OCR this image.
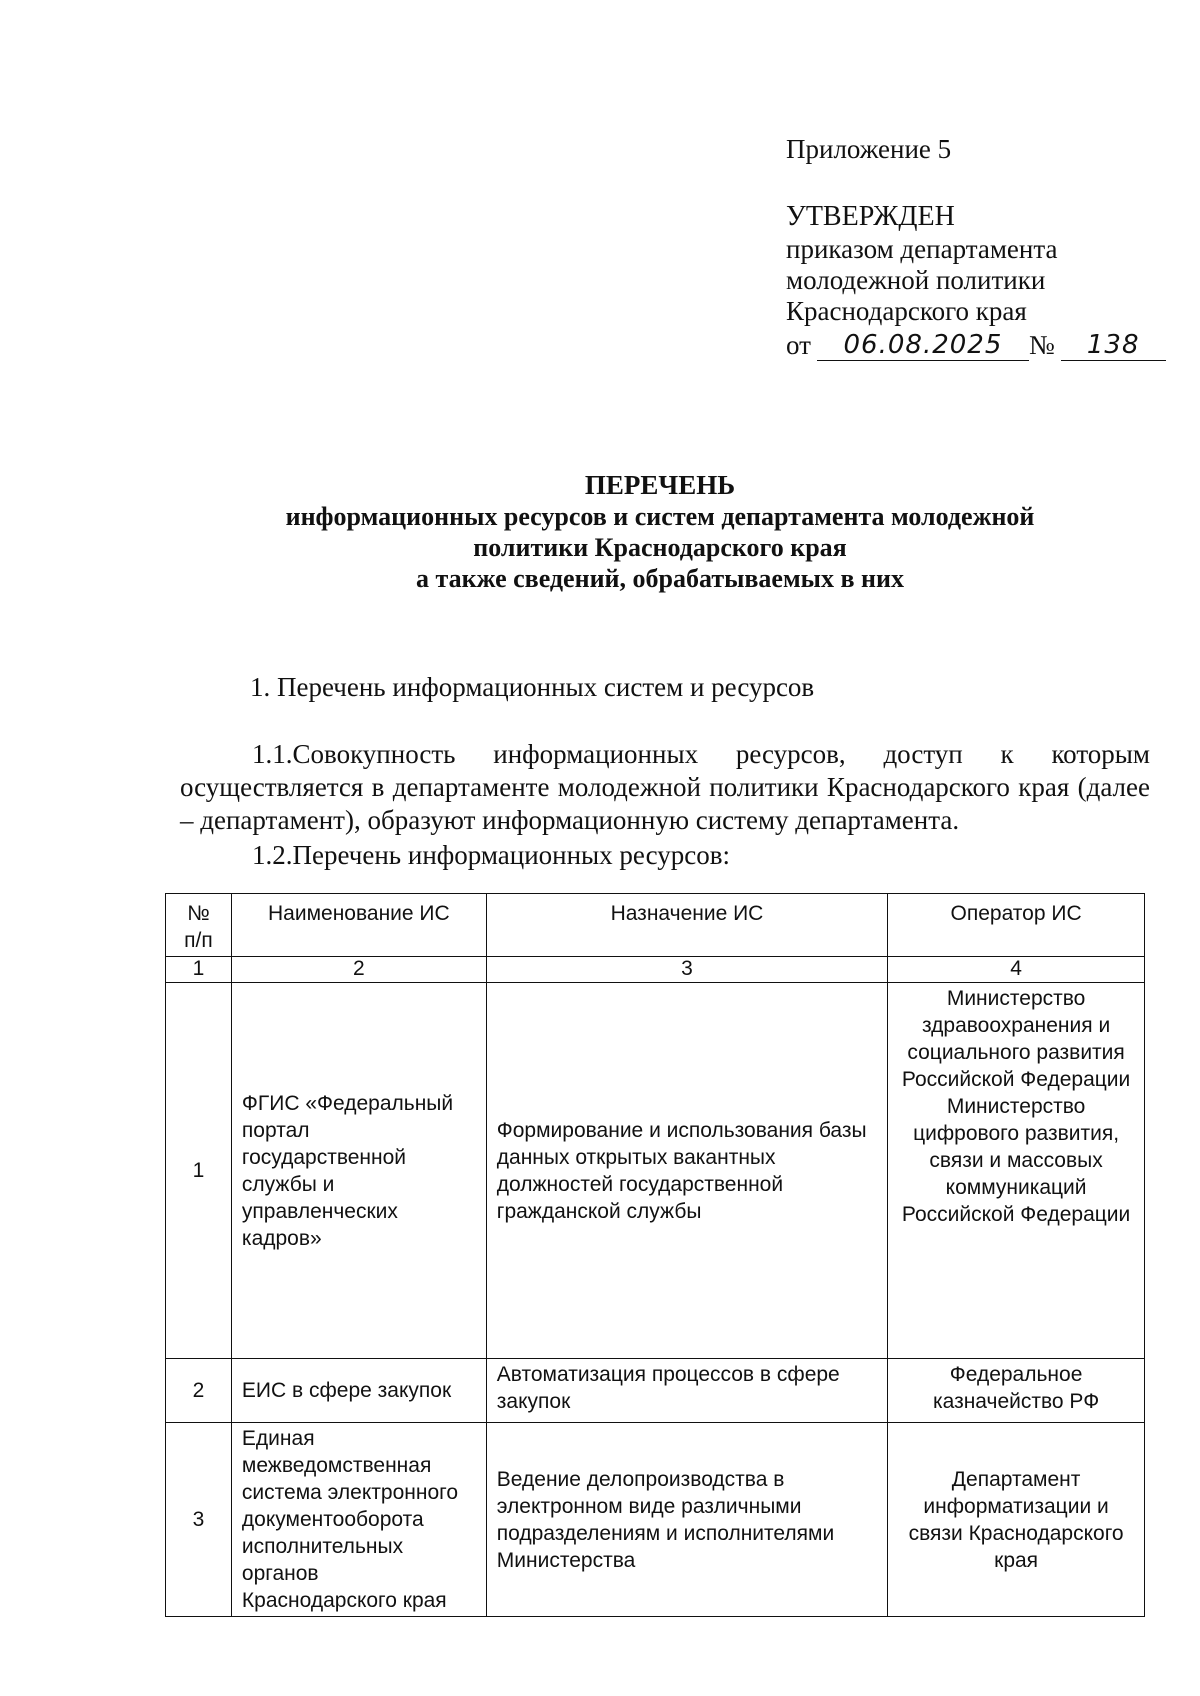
Приложение 5
УТВЕРЖДЕН
приказом департамента
молодежной политики
Краснодарского края
от	06.08.2025 №	138
ПЕРЕЧЕНЬ
информационных ресурсов и систем департамента молодежной
политики Краснодарского края
а также сведений, обрабатываемых в них
1. Перечень информационных систем и ресурсов
1.1.Совокупность информационных ресурсов, доступ к которым осуществляется в департаменте молодежной политики Краснодарского края (далее – департамент), образуют информационную систему департамента.
1.2.Перечень информационных ресурсов:
№ п/п	Наименование ИС	Назначение ИС	Оператор ИС
1	2	3	4
1	ФГИС «Федеральный портал государственной службы и управленческих кадров»	Формирование и использования базы данных открытых вакантных должностей государственной гражданской службы	Министерство здравоохранения и социального развития Российской Федерации Министерство цифрового развития, связи и массовых коммуникаций Российской Федерации
2	ЕИС в сфере закупок	Автоматизация процессов в сфере закупок	Федеральное казначейство РФ
3	Единая межведомственная система электронного документооборота исполнительных органов Краснодарского края	Ведение делопроизводства в электронном виде различными подразделениям и исполнителями Министерства	Департамент информатизации и связи Краснодарского края
